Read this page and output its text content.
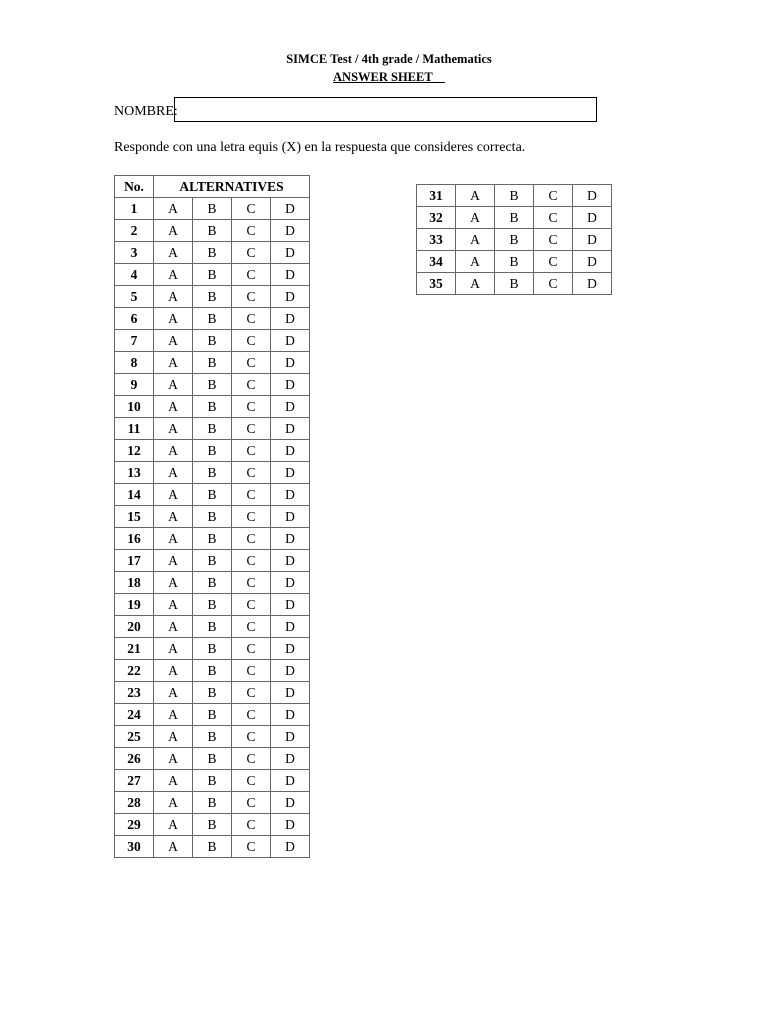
SIMCE Test / 4th grade / Mathematics
ANSWER SHEET
NOMBRE:
Responde con una letra equis (X) en la respuesta que consideres correcta.
No.	ALTERNATIVES			
1	A	B	C	D
2	A	B	C	D
3	A	B	C	D
4	A	B	C	D
5	A	B	C	D
6	A	B	C	D
7	A	B	C	D
8	A	B	C	D
9	A	B	C	D
10	A	B	C	D
11	A	B	C	D
12	A	B	C	D
13	A	B	C	D
14	A	B	C	D
15	A	B	C	D
16	A	B	C	D
17	A	B	C	D
18	A	B	C	D
19	A	B	C	D
20	A	B	C	D
21	A	B	C	D
22	A	B	C	D
23	A	B	C	D
24	A	B	C	D
25	A	B	C	D
26	A	B	C	D
27	A	B	C	D
28	A	B	C	D
29	A	B	C	D
30	A	B	C	D
31	A	B	C	D
32	A	B	C	D
33	A	B	C	D
34	A	B	C	D
35	A	B	C	D
